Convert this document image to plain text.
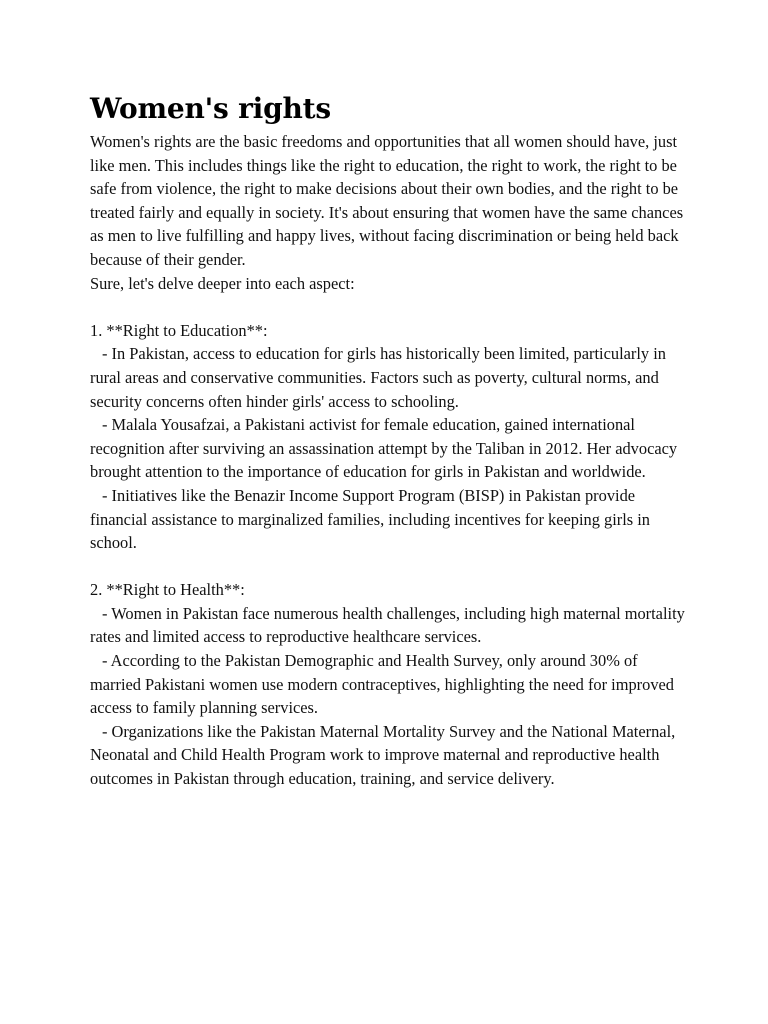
Women's rights

Women's rights are the basic freedoms and opportunities that all women should have, just like men. This includes things like the right to education, the right to work, the right to be safe from violence, the right to make decisions about their own bodies, and the right to be treated fairly and equally in society. It's about ensuring that women have the same chances as men to live fulfilling and happy lives, without facing discrimination or being held back because of their gender.

Sure, let's delve deeper into each aspect:

1. **Right to Education**:

- In Pakistan, access to education for girls has historically been limited, particularly in rural areas and conservative communities. Factors such as poverty, cultural norms, and security concerns often hinder girls' access to schooling.

- Malala Yousafzai, a Pakistani activist for female education, gained international recognition after surviving an assassination attempt by the Taliban in 2012. Her advocacy brought attention to the importance of education for girls in Pakistan and worldwide.

- Initiatives like the Benazir Income Support Program (BISP) in Pakistan provide financial assistance to marginalized families, including incentives for keeping girls in school.

2. **Right to Health**:

- Women in Pakistan face numerous health challenges, including high maternal mortality rates and limited access to reproductive healthcare services.

- According to the Pakistan Demographic and Health Survey, only around 30% of married Pakistani women use modern contraceptives, highlighting the need for improved access to family planning services.

- Organizations like the Pakistan Maternal Mortality Survey and the National Maternal, Neonatal and Child Health Program work to improve maternal and reproductive health outcomes in Pakistan through education, training, and service delivery.
